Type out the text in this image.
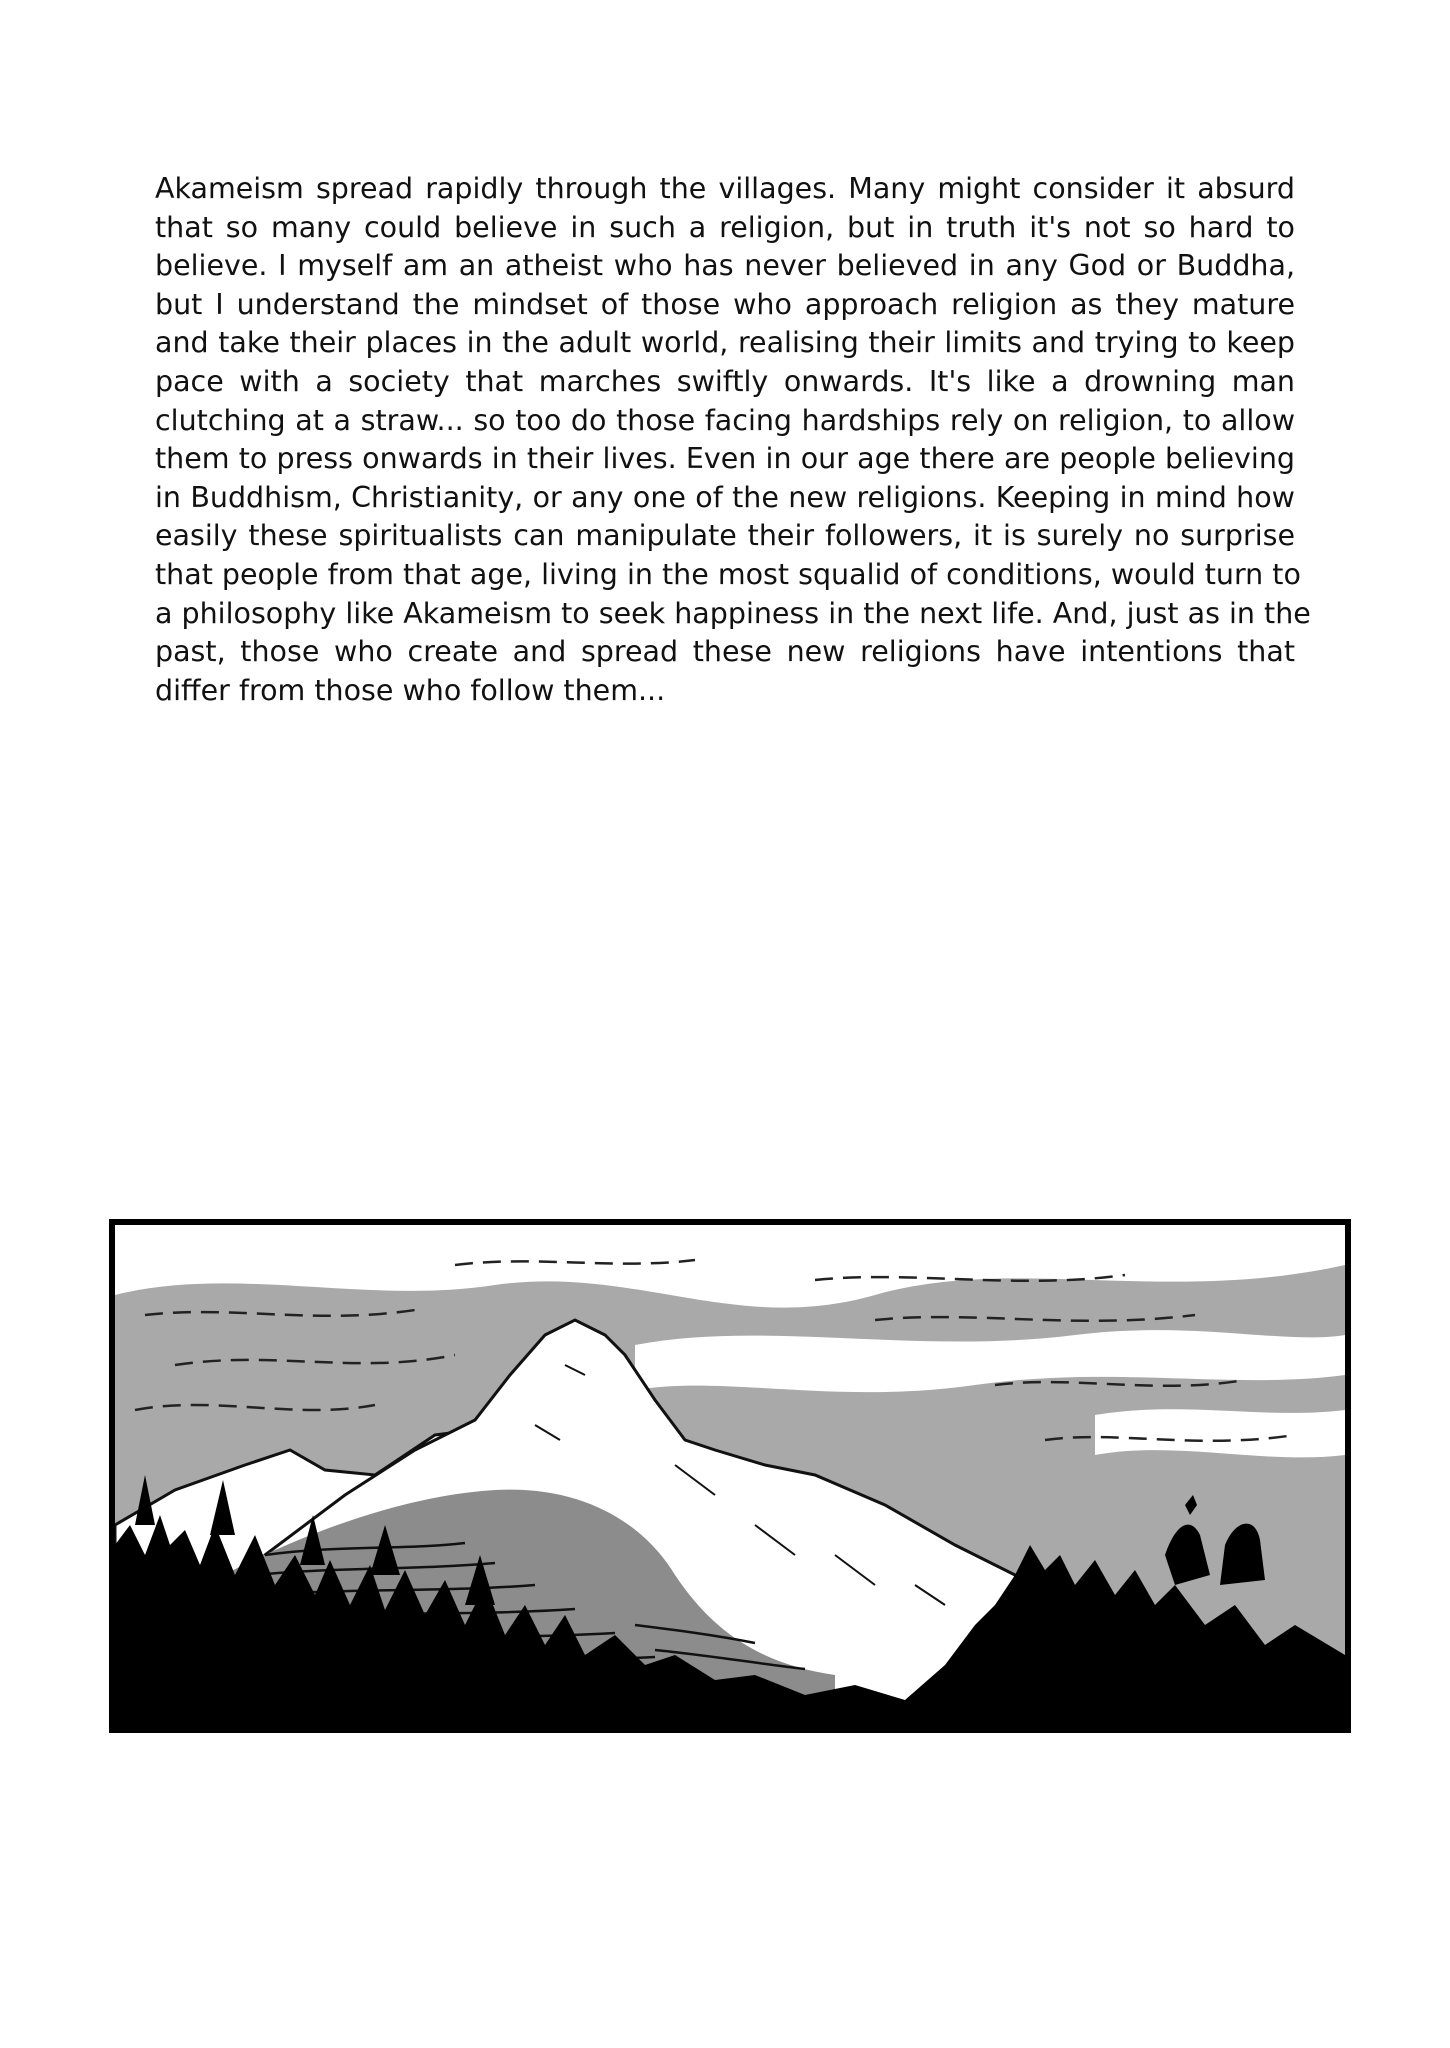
Akameism spread rapidly through the villages. Many might consider it absurd
that so many could believe in such a religion, but in truth it's not so hard to
believe. I myself am an atheist who has never believed in any God or Buddha,
but I understand the mindset of those who approach religion as they mature
and take their places in the adult world, realising their limits and trying to keep
pace with a society that marches swiftly onwards. It's like a drowning man
clutching at a straw... so too do those facing hardships rely on religion, to allow
them to press onwards in their lives. Even in our age there are people believing
in Buddhism, Christianity, or any one of the new religions. Keeping in mind how
easily these spiritualists can manipulate their followers, it is surely no surprise
that people from that age, living in the most squalid of conditions, would turn to
a philosophy like Akameism to seek happiness in the next life. And, just as in the
past, those who create and spread these new religions have intentions that
differ from those who follow them...
